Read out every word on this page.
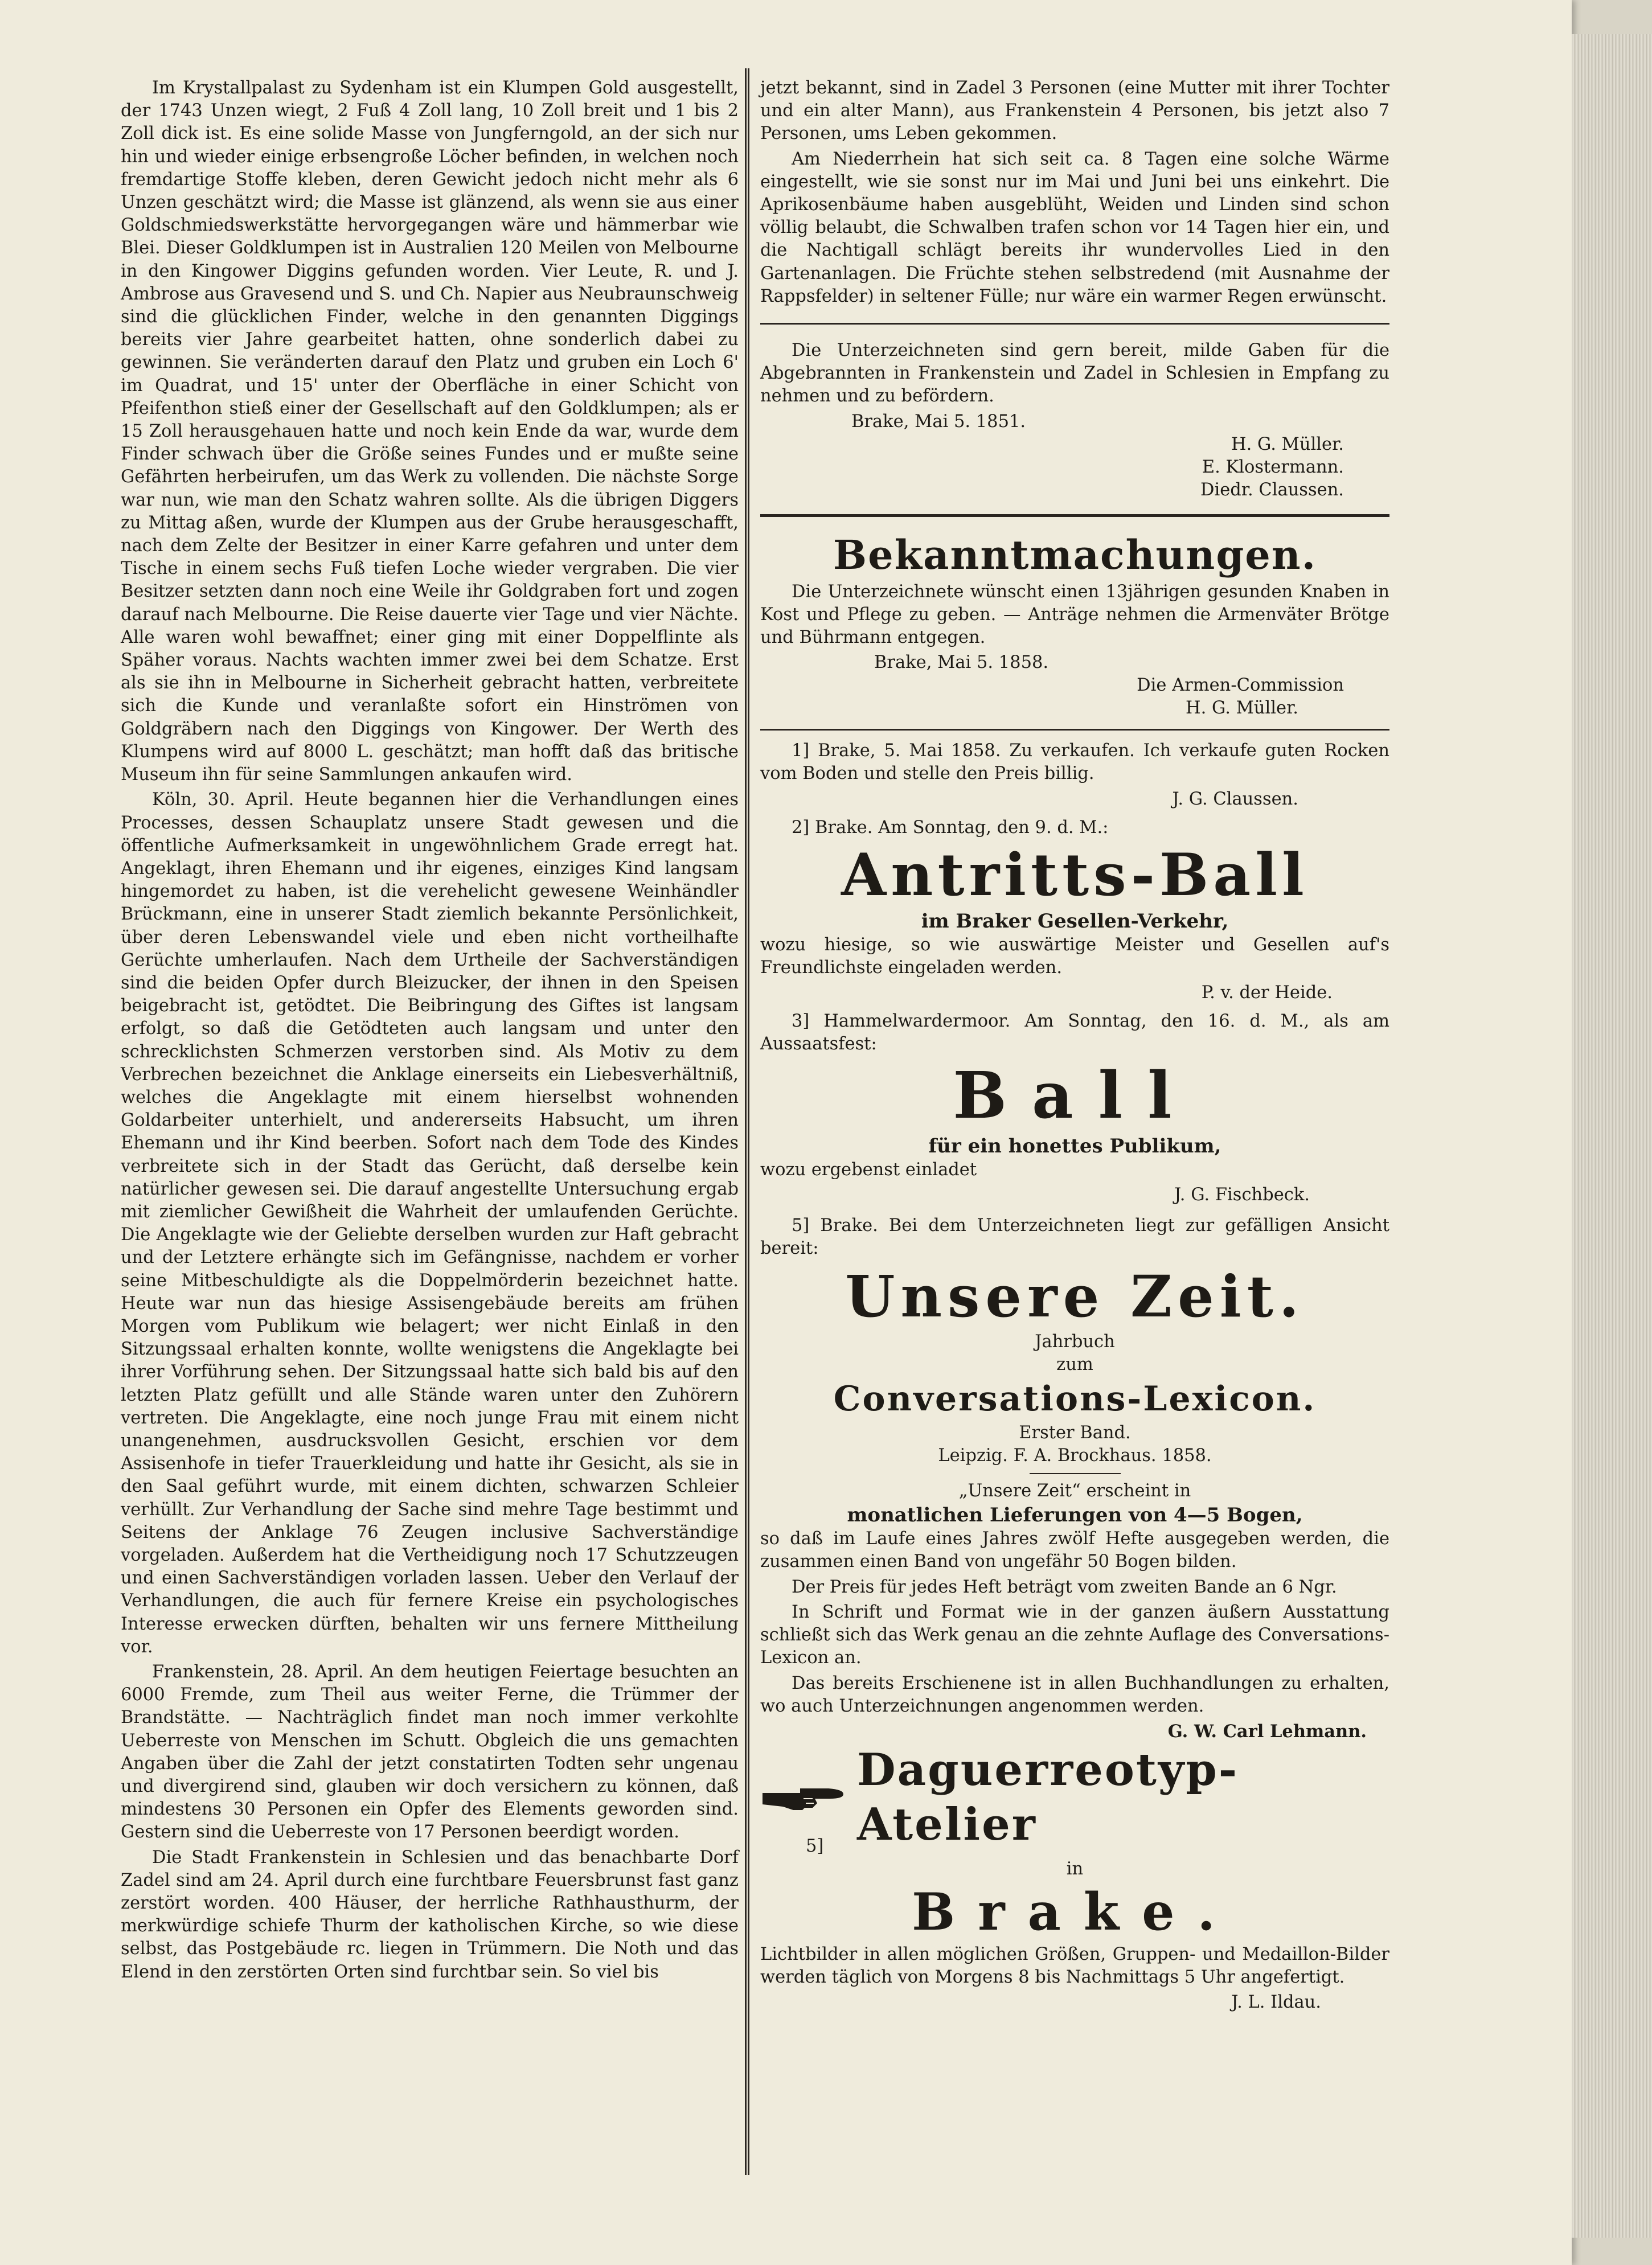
Im Krystallpalast zu Sydenham ist ein Klumpen Gold ausgestellt, der 1743 Unzen wiegt, 2 Fuß 4 Zoll lang, 10 Zoll breit und 1 bis 2 Zoll dick ist. Es eine solide Masse von Jungferngold, an der sich nur hin und wieder einige erbsengroße Löcher befinden, in welchen noch fremdartige Stoffe kleben, deren Gewicht jedoch nicht mehr als 6 Unzen geschätzt wird; die Masse ist glänzend, als wenn sie aus einer Goldschmiedswerkstätte hervorgegangen wäre und hämmerbar wie Blei. Dieser Goldklumpen ist in Australien 120 Meilen von Melbourne in den Kingower Diggins gefunden worden. Vier Leute, R. und J. Ambrose aus Gravesend und S. und Ch. Napier aus Neubraunschweig sind die glücklichen Finder, welche in den genannten Diggings bereits vier Jahre gearbeitet hatten, ohne sonderlich dabei zu gewinnen. Sie veränderten darauf den Platz und gruben ein Loch 6' im Quadrat, und 15' unter der Oberfläche in einer Schicht von Pfeifenthon stieß einer der Gesellschaft auf den Goldklumpen; als er 15 Zoll herausgehauen hatte und noch kein Ende da war, wurde dem Finder schwach über die Größe seines Fundes und er mußte seine Gefährten herbeirufen, um das Werk zu vollenden. Die nächste Sorge war nun, wie man den Schatz wahren sollte. Als die übrigen Diggers zu Mittag aßen, wurde der Klumpen aus der Grube herausgeschafft, nach dem Zelte der Besitzer in einer Karre gefahren und unter dem Tische in einem sechs Fuß tiefen Loche wieder vergraben. Die vier Besitzer setzten dann noch eine Weile ihr Goldgraben fort und zogen darauf nach Melbourne. Die Reise dauerte vier Tage und vier Nächte. Alle waren wohl bewaffnet; einer ging mit einer Doppelflinte als Späher voraus. Nachts wachten immer zwei bei dem Schatze. Erst als sie ihn in Melbourne in Sicherheit gebracht hatten, verbreitete sich die Kunde und veranlaßte sofort ein Hinströmen von Goldgräbern nach den Diggings von Kingower. Der Werth des Klumpens wird auf 8000 L. geschätzt; man hofft daß das britische Museum ihn für seine Sammlungen ankaufen wird.

Köln, 30. April. Heute begannen hier die Verhandlungen eines Processes, dessen Schauplatz unsere Stadt gewesen und die öffentliche Aufmerksamkeit in ungewöhnlichem Grade erregt hat. Angeklagt, ihren Ehemann und ihr eigenes, einziges Kind langsam hingemordet zu haben, ist die verehelicht gewesene Weinhändler Brückmann, eine in unserer Stadt ziemlich bekannte Persönlichkeit, über deren Lebenswandel viele und eben nicht vortheilhafte Gerüchte umherlaufen. Nach dem Urtheile der Sachverständigen sind die beiden Opfer durch Bleizucker, der ihnen in den Speisen beigebracht ist, getödtet. Die Beibringung des Giftes ist langsam erfolgt, so daß die Getödteten auch langsam und unter den schrecklichsten Schmerzen verstorben sind. Als Motiv zu dem Verbrechen bezeichnet die Anklage einerseits ein Liebesverhältniß, welches die Angeklagte mit einem hierselbst wohnenden Goldarbeiter unterhielt, und andererseits Habsucht, um ihren Ehemann und ihr Kind beerben. Sofort nach dem Tode des Kindes verbreitete sich in der Stadt das Gerücht, daß derselbe kein natürlicher gewesen sei. Die darauf angestellte Untersuchung ergab mit ziemlicher Gewißheit die Wahrheit der umlaufenden Gerüchte. Die Angeklagte wie der Geliebte derselben wurden zur Haft gebracht und der Letztere erhängte sich im Gefängnisse, nachdem er vorher seine Mitbeschuldigte als die Doppelmörderin bezeichnet hatte. Heute war nun das hiesige Assisengebäude bereits am frühen Morgen vom Publikum wie belagert; wer nicht Einlaß in den Sitzungssaal erhalten konnte, wollte wenigstens die Angeklagte bei ihrer Vorführung sehen. Der Sitzungssaal hatte sich bald bis auf den letzten Platz gefüllt und alle Stände waren unter den Zuhörern vertreten. Die Angeklagte, eine noch junge Frau mit einem nicht unangenehmen, ausdrucksvollen Gesicht, erschien vor dem Assisenhofe in tiefer Trauerkleidung und hatte ihr Gesicht, als sie in den Saal geführt wurde, mit einem dichten, schwarzen Schleier verhüllt. Zur Verhandlung der Sache sind mehre Tage bestimmt und Seitens der Anklage 76 Zeugen inclusive Sachverständige vorgeladen. Außerdem hat die Vertheidigung noch 17 Schutzzeugen und einen Sachverständigen vorladen lassen. Ueber den Verlauf der Verhandlungen, die auch für fernere Kreise ein psychologisches Interesse erwecken dürften, behalten wir uns fernere Mittheilung vor.

Frankenstein, 28. April. An dem heutigen Feiertage besuchten an 6000 Fremde, zum Theil aus weiter Ferne, die Trümmer der Brandstätte. — Nachträglich findet man noch immer verkohlte Ueberreste von Menschen im Schutt. Obgleich die uns gemachten Angaben über die Zahl der jetzt constatirten Todten sehr ungenau und divergirend sind, glauben wir doch versichern zu können, daß mindestens 30 Personen ein Opfer des Elements geworden sind. Gestern sind die Ueberreste von 17 Personen beerdigt worden.

Die Stadt Frankenstein in Schlesien und das benachbarte Dorf Zadel sind am 24. April durch eine furchtbare Feuersbrunst fast ganz zerstört worden. 400 Häuser, der herrliche Rathhausthurm, der merkwürdige schiefe Thurm der katholischen Kirche, so wie diese selbst, das Postgebäude rc. liegen in Trümmern. Die Noth und das Elend in den zerstörten Orten sind furchtbar sein. So viel bis

jetzt bekannt, sind in Zadel 3 Personen (eine Mutter mit ihrer Tochter und ein alter Mann), aus Frankenstein 4 Personen, bis jetzt also 7 Personen, ums Leben gekommen.

Am Niederrhein hat sich seit ca. 8 Tagen eine solche Wärme eingestellt, wie sie sonst nur im Mai und Juni bei uns einkehrt. Die Aprikosenbäume haben ausgeblüht, Weiden und Linden sind schon völlig belaubt, die Schwalben trafen schon vor 14 Tagen hier ein, und die Nachtigall schlägt bereits ihr wundervolles Lied in den Gartenanlagen. Die Früchte stehen selbstredend (mit Ausnahme der Rappsfelder) in seltener Fülle; nur wäre ein warmer Regen erwünscht.

Die Unterzeichneten sind gern bereit, milde Gaben für die Abgebrannten in Frankenstein und Zadel in Schlesien in Empfang zu nehmen und zu befördern.

Brake, Mai 5. 1851.

H. G. Müller.

E. Klostermann.

Diedr. Claussen.

Bekanntmachungen.

Die Unterzeichnete wünscht einen 13jährigen gesunden Knaben in Kost und Pflege zu geben. — Anträge nehmen die Armenväter Brötge und Bührmann entgegen.

Brake, Mai 5. 1858.

Die Armen-Commission

H. G. Müller.

1] Brake, 5. Mai 1858. Zu verkaufen. Ich verkaufe guten Rocken vom Boden und stelle den Preis billig.

J. G. Claussen.

2] Brake. Am Sonntag, den 9. d. M.:

Antritts-Ball

im Braker Gesellen-Verkehr,

wozu hiesige, so wie auswärtige Meister und Gesellen auf's Freundlichste eingeladen werden.

P. v. der Heide.

3] Hammelwardermoor. Am Sonntag, den 16. d. M., als am Aussaatsfest:

Ball

für ein honettes Publikum,

wozu ergebenst einladet

J. G. Fischbeck.

5] Brake. Bei dem Unterzeichneten liegt zur gefälligen Ansicht bereit:

Unsere Zeit.

Jahrbuch

zum

Conversations-Lexicon.

Erster Band.

Leipzig. F. A. Brockhaus. 1858.

„Unsere Zeit“ erscheint in

monatlichen Lieferungen von 4—5 Bogen,

so daß im Laufe eines Jahres zwölf Hefte ausgegeben werden, die zusammen einen Band von ungefähr 50 Bogen bilden.

Der Preis für jedes Heft beträgt vom zweiten Bande an 6 Ngr.

In Schrift und Format wie in der ganzen äußern Ausstattung schließt sich das Werk genau an die zehnte Auflage des Conversations-Lexicon an.

Das bereits Erschienene ist in allen Buchhandlungen zu erhalten, wo auch Unterzeichnungen angenommen werden.

G. W. Carl Lehmann.

Daguerreotyp-Atelier

5]

in

Brake.

Lichtbilder in allen möglichen Größen, Gruppen- und Medaillon-Bilder werden täglich von Morgens 8 bis Nachmittags 5 Uhr angefertigt.

J. L. Ildau.
